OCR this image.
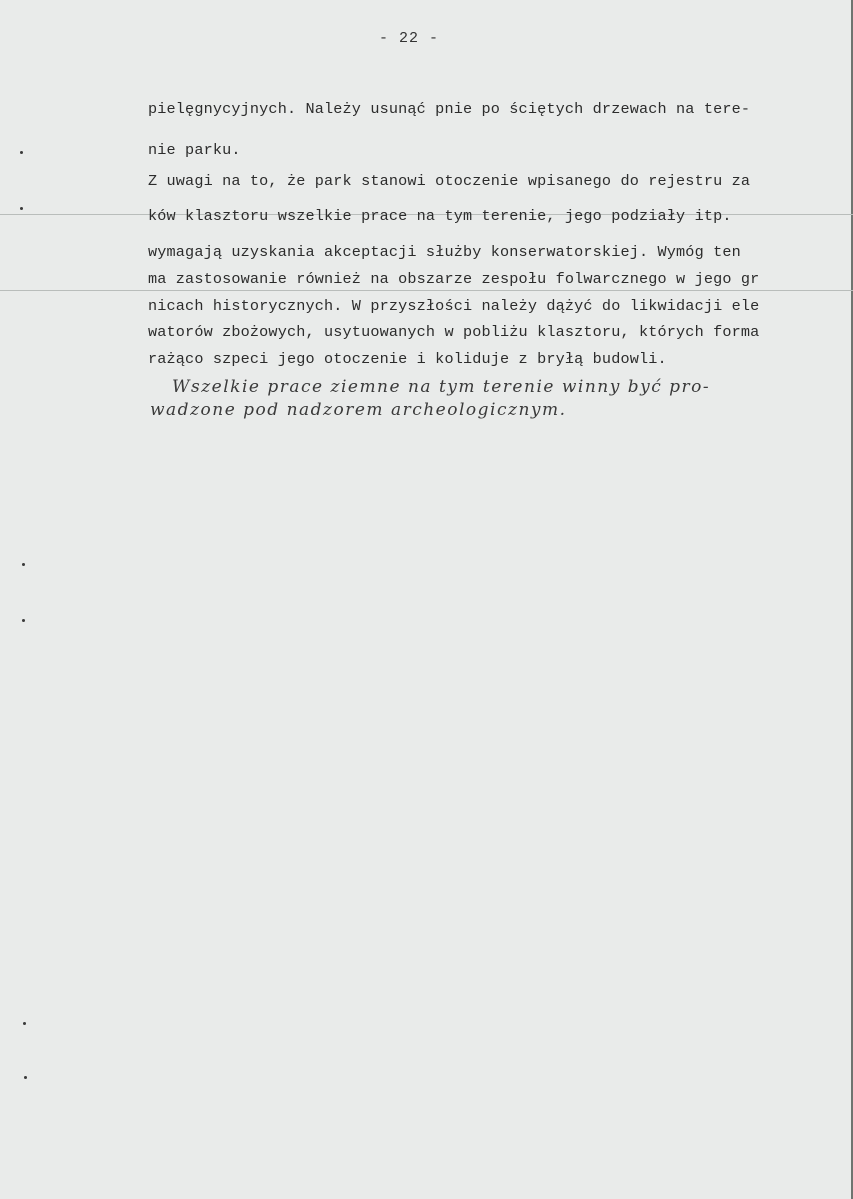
- 22 -
pielęgnycyjnych. Należy usunąć pnie po ściętych drzewach na tere-
nie parku.
Z uwagi na to, że park stanowi otoczenie wpisanego do rejestru za
ków klasztoru wszelkie prace na tym terenie, jego podziały itp.
wymagają uzyskania akceptacji służby konserwatorskiej. Wymóg ten
ma zastosowanie również na obszarze zespołu folwarcznego w jego gr
nicach historycznych. W przyszłości należy dążyć do likwidacji ele
watorów zbożowych, usytuowanych w pobliżu klasztoru, których forma
rażąco szpeci jego otoczenie i koliduje z bryłą budowli.
Wszelkie prace ziemne na tym terenie winny być pro-
wadzone pod nadzorem archeologicznym.
